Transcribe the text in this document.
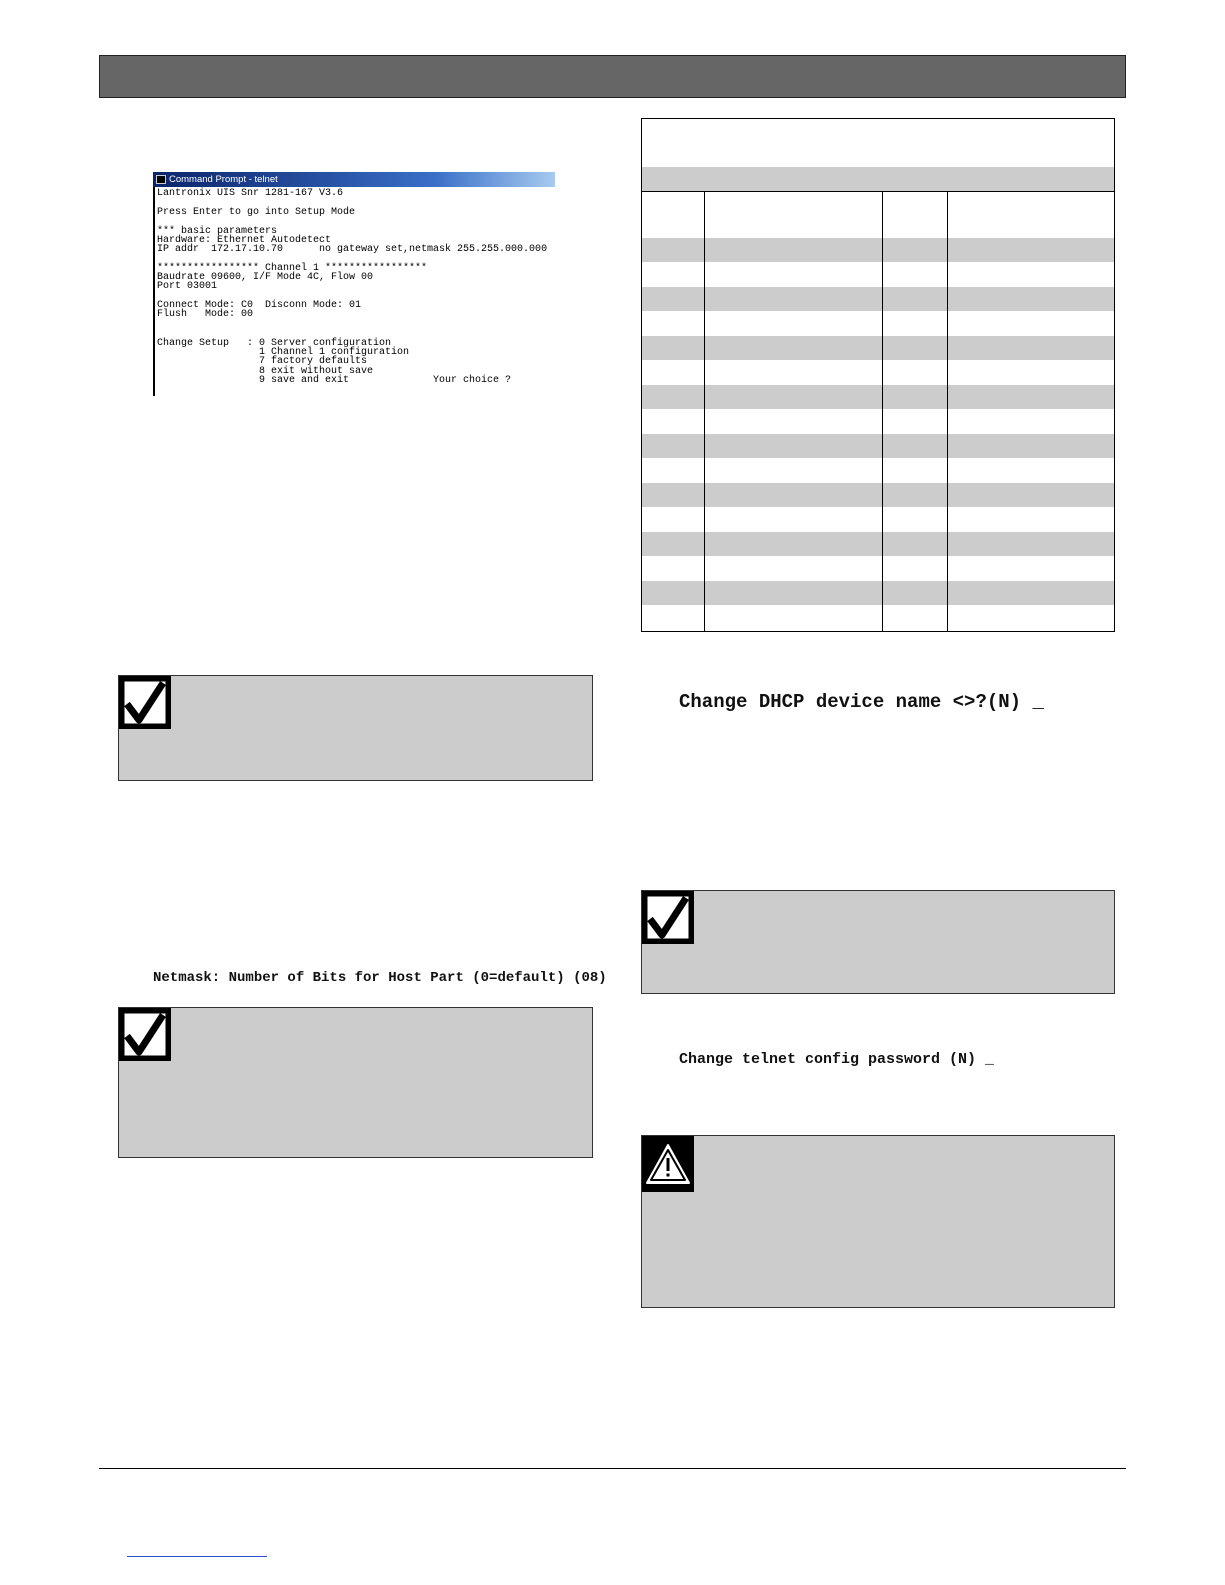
Command Prompt - telnet
Lantronix UIS Snr 1281-167 V3.6
Press Enter to go into Setup Mode
*** basic parameters
Hardware: Ethernet Autodetect
IP addr  172.17.10.70      no gateway set,netmask 255.255.000.000
***************** Channel 1 *****************
Baudrate 09600, I/F Mode 4C, Flow 00
Port 03001
Connect Mode: C0  Disconn Mode: 01
Flush   Mode: 00
Change Setup   : 0 Server configuration
1 Channel 1 configuration
7 factory defaults
8 exit without save
9 save and exit              Your choice ?
Netmask: Number of Bits for Host Part (0=default) (08)
Change DHCP device name <>?(N) _
Change telnet config password (N) _
